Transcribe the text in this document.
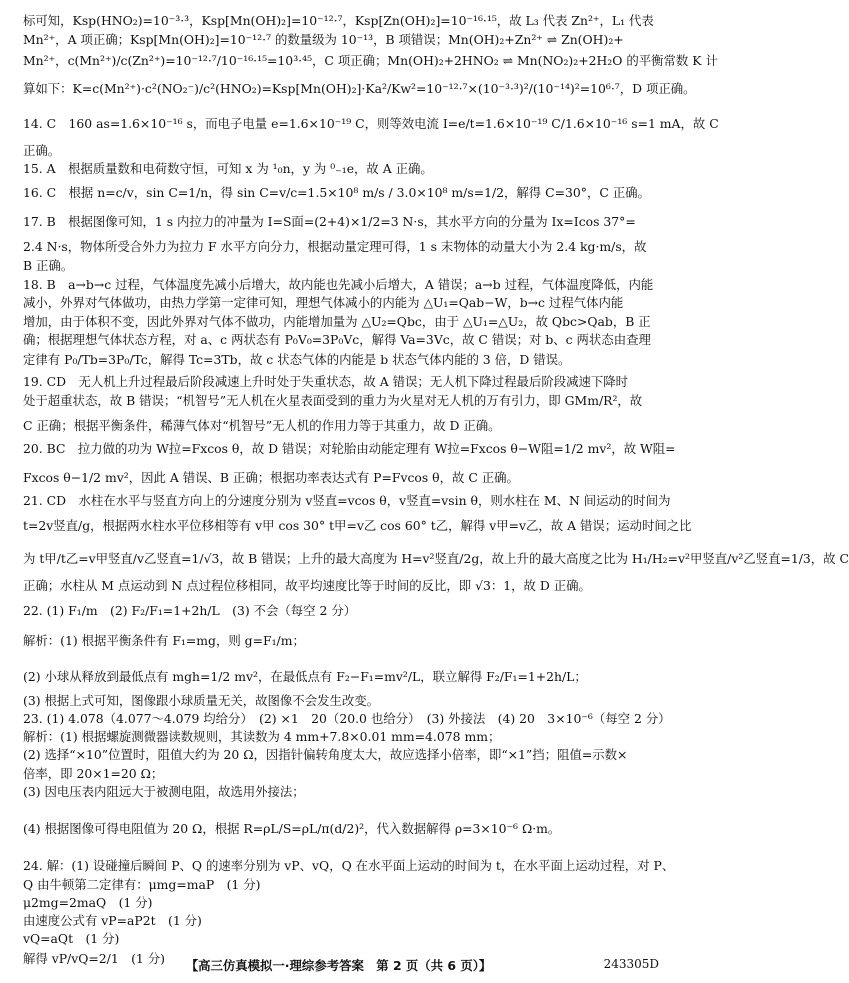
标可知，Ksp(HNO₂)=10⁻³·³，Ksp[Mn(OH)₂]=10⁻¹²·⁷，Ksp[Zn(OH)₂]=10⁻¹⁶·¹⁵，故 L₃ 代表 Zn²⁺，L₁ 代表
Mn²⁺，A 项正确；Ksp[Mn(OH)₂]=10⁻¹²·⁷ 的数量级为 10⁻¹³，B 项错误；Mn(OH)₂+Zn²⁺ ⇌ Zn(OH)₂+
Mn²⁺，c(Mn²⁺)/c(Zn²⁺)=10⁻¹²·⁷/10⁻¹⁶·¹⁵=10³·⁴⁵，C 项正确；Mn(OH)₂+2HNO₂ ⇌ Mn(NO₂)₂+2H₂O 的平衡常数 K 计
算如下：K=c(Mn²⁺)·c²(NO₂⁻)/c²(HNO₂)=Ksp[Mn(OH)₂]·Ka²/Kw²=10⁻¹²·⁷×(10⁻³·³)²/(10⁻¹⁴)²=10⁶·⁷，D 项正确。
14. C　160 as=1.6×10⁻¹⁶ s，而电子电量 e=1.6×10⁻¹⁹ C，则等效电流 I=e/t=1.6×10⁻¹⁹ C/1.6×10⁻¹⁶ s=1 mA，故 C
正确。
15. A　根据质量数和电荷数守恒，可知 x 为 ¹₀n，y 为 ⁰₋₁e，故 A 正确。
16. C　根据 n=c/v，sin C=1/n，得 sin C=v/c=1.5×10⁸ m/s / 3.0×10⁸ m/s=1/2，解得 C=30°，C 正确。
17. B　根据图像可知，1 s 内拉力的冲量为 I=S面=(2+4)×1/2=3 N·s，其水平方向的分量为 Ix=Icos 37°=
2.4 N·s，物体所受合外力为拉力 F 水平方向分力，根据动量定理可得，1 s 末物体的动量大小为 2.4 kg·m/s，故
B 正确。
18. B　a→b→c 过程，气体温度先减小后增大，故内能也先减小后增大，A 错误；a→b 过程，气体温度降低，内能
减小，外界对气体做功，由热力学第一定律可知，理想气体减小的内能为 △U₁=Qab−W，b→c 过程气体内能
增加，由于体积不变，因此外界对气体不做功，内能增加量为 △U₂=Qbc，由于 △U₁=△U₂，故 Qbc>Qab，B 正
确；根据理想气体状态方程，对 a、c 两状态有 P₀V₀=3P₀Vc，解得 Va=3Vc，故 C 错误；对 b、c 两状态由查理
定律有 P₀/Tb=3P₀/Tc，解得 Tc=3Tb，故 c 状态气体的内能是 b 状态气体内能的 3 倍，D 错误。
19. CD　无人机上升过程最后阶段减速上升时处于失重状态，故 A 错误；无人机下降过程最后阶段减速下降时
处于超重状态，故 B 错误；“机智号”无人机在火星表面受到的重力为火星对无人机的万有引力，即 GMm/R²，故
C 正确；根据平衡条件，稀薄气体对“机智号”无人机的作用力等于其重力，故 D 正确。
20. BC　拉力做的功为 W拉=Fxcos θ，故 D 错误；对轮胎由动能定理有 W拉=Fxcos θ−W阻=1/2 mv²，故 W阻=
Fxcos θ−1/2 mv²，因此 A 错误、B 正确；根据功率表达式有 P=Fvcos θ，故 C 正确。
21. CD　水柱在水平与竖直方向上的分速度分别为 v竖直=vcos θ，v竖直=vsin θ，则水柱在 M、N 间运动的时间为
t=2v竖直/g，根据两水柱水平位移相等有 v甲 cos 30° t甲=v乙 cos 60° t乙，解得 v甲=v乙，故 A 错误；运动时间之比
为 t甲/t乙=v甲竖直/v乙竖直=1/√3，故 B 错误；上升的最大高度为 H=v²竖直/2g，故上升的最大高度之比为 H₁/H₂=v²甲竖直/v²乙竖直=1/3，故 C
正确；水柱从 M 点运动到 N 点过程位移相同，故平均速度比等于时间的反比，即 √3：1，故 D 正确。
22. (1) F₁/m　(2) F₂/F₁=1+2h/L　(3) 不会（每空 2 分）
解析：(1) 根据平衡条件有 F₁=mg，则 g=F₁/m；
(2) 小球从释放到最低点有 mgh=1/2 mv²，在最低点有 F₂−F₁=mv²/L，联立解得 F₂/F₁=1+2h/L；
(3) 根据上式可知，图像跟小球质量无关，故图像不会发生改变。
23. (1) 4.078（4.077～4.079 均给分）　(2) ×1　20（20.0 也给分）　(3) 外接法　(4) 20　3×10⁻⁶（每空 2 分）
解析：(1) 根据螺旋测微器读数规则，其读数为 4 mm+7.8×0.01 mm=4.078 mm；
(2) 选择“×10”位置时，阻值大约为 20 Ω，因指针偏转角度太大，故应选择小倍率，即“×1”挡；阻值=示数×
倍率，即 20×1=20 Ω；
(3) 因电压表内阻远大于被测电阻，故选用外接法；
(4) 根据图像可得电阻值为 20 Ω，根据 R=ρL/S=ρL/π(d/2)²，代入数据解得 ρ=3×10⁻⁶ Ω·m。
24. 解：(1) 设碰撞后瞬间 P、Q 的速率分别为 vP、vQ，Q 在水平面上运动的时间为 t，在水平面上运动过程，对 P、
Q 由牛顿第二定律有：μmg=maP　(1 分)
μ2mg=2maQ　(1 分)
由速度公式有 vP=aP2t　(1 分)
vQ=aQt　(1 分)
解得 vP/vQ=2/1　(1 分)	【高三仿真模拟一·理综参考答案　第 2 页（共 6 页）】	243305D
